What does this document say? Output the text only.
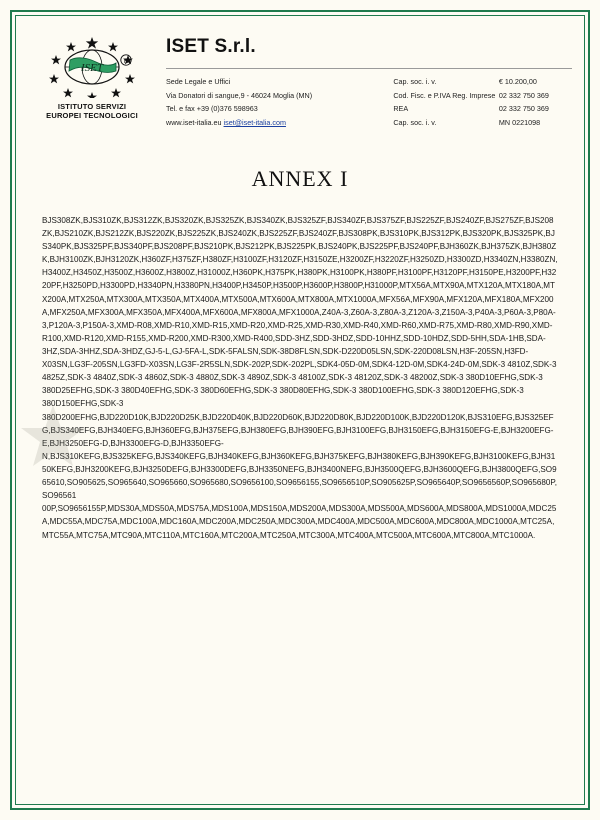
ISET	R
ISTITUTO SERVIZI
EUROPEI TECNOLOGICI
ISET S.r.l.
Sede Legale e Uffici	Cap. soc. i. v.	€ 10.200,00
Via Donatori di sangue,9 - 46024 Moglia (MN)	Cod. Fisc. e P.IVA Reg. Imprese	02 332 750 369
Tel. e fax +39 (0)376 598963	REA	02 332 750 369
www.iset-italia.eu iset@iset-italia.com	Cap. soc. i. v.	MN 0221098
ANNEX I
BJS308ZK,BJS310ZK,BJS312ZK,BJS320ZK,BJS325ZK,BJS340ZK,BJS325ZF,BJS340ZF,BJS375ZF,BJS225ZF,BJS240ZF,BJS275ZF,BJS208ZK,BJS210ZK,BJS212ZK,BJS220ZK,BJS225ZK,BJS240ZK,BJS225ZF,BJS240ZF,BJS308PK,BJS310PK,BJS312PK,BJS320PK,BJS325PK,BJS340PK,BJS325PF,BJS340PF,BJS208PF,BJS210PK,BJS212PK,BJS225PK,BJS240PK,BJS225PF,BJS240PF,BJH360ZK,BJH375ZK,BJH380ZK,BJH3100ZK,BJH3120ZK,H360ZF,H375ZF,H380ZF,H3100ZF,H3120ZF,H3150ZE,H3200ZF,H3220ZF,H3250ZD,H3300ZD,H3340ZN,H3380ZN,H3400Z,H3450Z,H3500Z,H3600Z,H3800Z,H31000Z,H360PK,H375PK,H380PK,H3100PK,H380PF,H3100PF,H3120PF,H3150PE,H3200PF,H3220PF,H3250PD,H3300PD,H3340PN,H3380PN,H3400P,H3450P,H3500P,H3600P,H3800P,H31000P,MTX56A,MTX90A,MTX120A,MTX180A,MTX200A,MTX250A,MTX300A,MTX350A,MTX400A,MTX500A,MTX600A,MTX800A,MTX1000A,MFX56A,MFX90A,MFX120A,MFX180A,MFX200A,MFX250A,MFX300A,MFX350A,MFX400A,MFX600A,MFX800A,MFX1000A,Z40A-3,Z60A-3,Z80A-3,Z120A-3,Z150A-3,P40A-3,P60A-3,P80A-3,P120A-3,P150A-3,XMD-R08,XMD-R10,XMD-R15,XMD-R20,XMD-R25,XMD-R30,XMD-R40,XMD-R60,XMD-R75,XMD-R80,XMD-R90,XMD-R100,XMD-R120,XMD-R155,XMD-R200,XMD-R300,XMD-R400,SDD-3HZ,SDD-3HDZ,SDD-10HHZ,SDD-10HDZ,SDD-5HH,SDA-1HB,SDA-3HZ,SDA-3HHZ,SDA-3HDZ,GJ-5-L,GJ-5FA-L,SDK-5FALSN,SDK-38D8FLSN,SDK-D220D05LSN,SDK-220D08LSN,H3F-205SN,H3FD-X03SN,LG3F-205SN,LG3FD-X03SN,LG3F-2R5SLN,SDK-202P,SDK-202PL,SDK4-05D-0M,SDK4-12D-0M,SDK4-24D-0M,SDK-3 4810Z,SDK-3 4825Z,SDK-3 4840Z,SDK-3 4860Z,SDK-3 4880Z,SDK-3 4890Z,SDK-3 48100Z,SDK-3 48120Z,SDK-3 48200Z,SDK-3 380D10EFHG,SDK-3 380D25EFHG,SDK-3 380D40EFHG,SDK-3 380D60EFHG,SDK-3 380D80EFHG,SDK-3 380D100EFHG,SDK-3 380D120EFHG,SDK-3 380D150EFHG,SDK-3 380D200EFHG,BJD220D10K,BJD220D25K,BJD220D40K,BJD220D60K,BJD220D80K,BJD220D100K,BJD220D120K,BJS310EFG,BJS325EFG,BJS340EFG,BJH340EFG,BJH360EFG,BJH375EFG,BJH380EFG,BJH390EFG,BJH3100EFG,BJH3150EFG,BJH3150EFG-E,BJH3200EFG-E,BJH3250EFG-D,BJH3300EFG-D,BJH3350EFG-N,BJS310KEFG,BJS325KEFG,BJS340KEFG,BJH340KEFG,BJH360KEFG,BJH375KEFG,BJH380KEFG,BJH390KEFG,BJH3100KEFG,BJH3150KEFG,BJH3200KEFG,BJH3250DEFG,BJH3300DEFG,BJH3350NEFG,BJH3400NEFG,BJH3500QEFG,BJH3600QEFG,BJH3800QEFG,SO965610,SO905625,SO965640,SO965660,SO965680,SO9656100,SO9656155,SO9656510P,SO905625P,SO965640P,SO9656560P,SO965680P,SO96561 00P,SO9656155P,MDS30A,MDS50A,MDS75A,MDS100A,MDS150A,MDS200A,MDS300A,MDS500A,MDS600A,MDS800A,MDS1000A,MDC25A,MDC55A,MDC75A,MDC100A,MDC160A,MDC200A,MDC250A,MDC300A,MDC400A,MDC500A,MDC600A,MDC800A,MDC1000A,MTC25A,MTC55A,MTC75A,MTC90A,MTC110A,MTC160A,MTC200A,MTC250A,MTC300A,MTC400A,MTC500A,MTC600A,MTC800A,MTC1000A.
